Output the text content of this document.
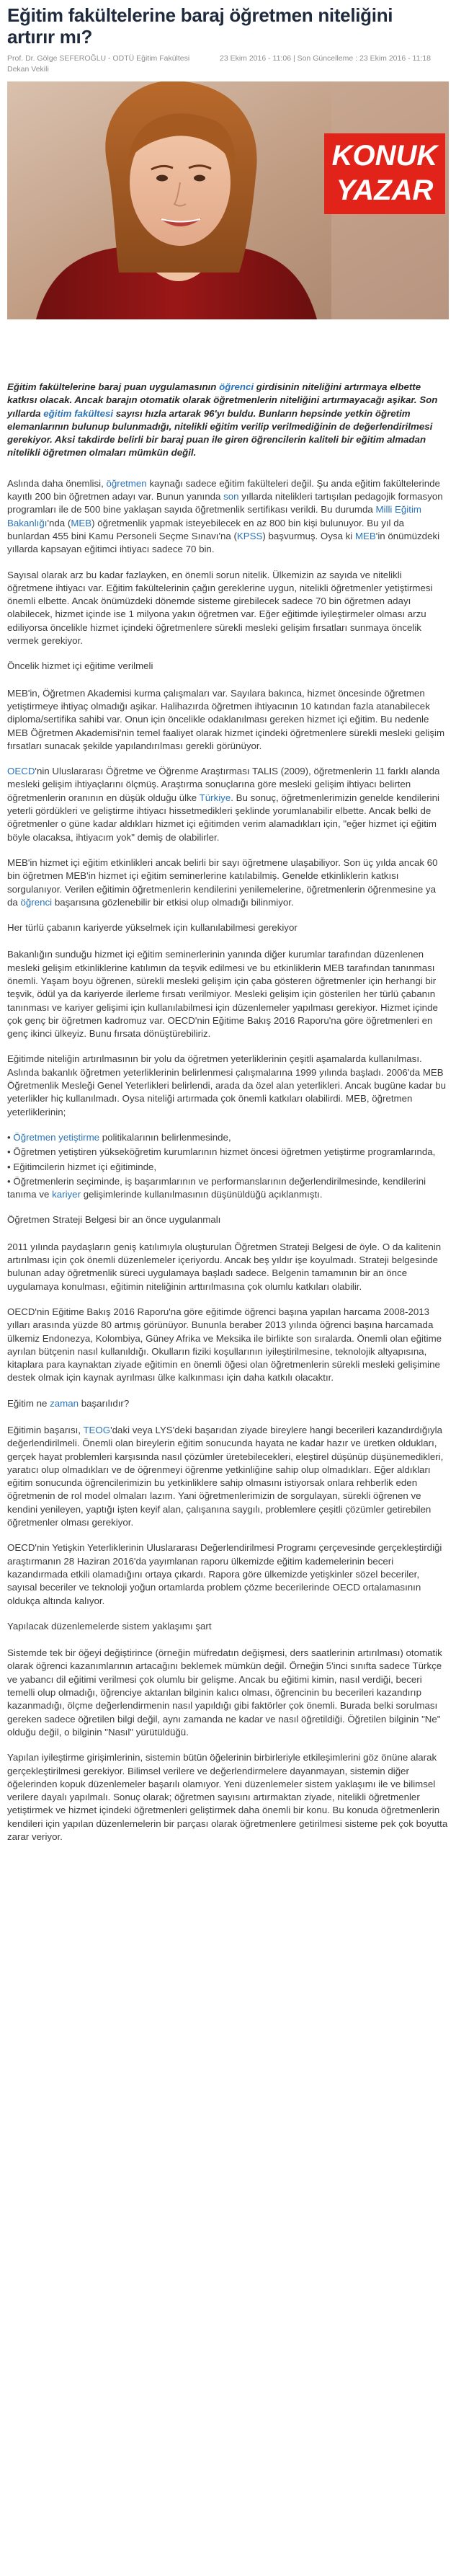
Eğitim fakültelerine baraj öğretmen niteliğini artırır mı?
Prof. Dr. Gölge SEFEROĞLU - ODTÜ Eğitim Fakültesi Dekan Vekili
23 Ekim 2016 - 11:06 | Son Güncelleme : 23 Ekim 2016 - 11:18
KONUK
YAZAR

Eğitim fakültelerine baraj puan uygulamasının öğrenci girdisinin niteliğini artırmaya elbette katkısı olacak. Ancak barajın otomatik olarak öğretmenlerin niteliğini artırmayacağı aşikar. Son yıllarda eğitim fakültesi sayısı hızla artarak 96'yı buldu. Bunların hepsinde yetkin öğretim elemanlarının bulunup bulunmadığı, nitelikli eğitim verilip verilmediğinin de değerlendirilmesi gerekiyor. Aksi takdirde belirli bir baraj puan ile giren öğrencilerin kaliteli bir eğitim almadan nitelikli öğretmen olmaları mümkün değil.

Aslında daha önemlisi, öğretmen kaynağı sadece eğitim fakülteleri değil. Şu anda eğitim fakültelerinde kayıtlı 200 bin öğretmen adayı var. Bunun yanında son yıllarda nitelikleri tartışılan pedagojik formasyon programları ile de 500 bine yaklaşan sayıda öğretmenlik sertifikası verildi. Bu durumda Milli Eğitim Bakanlığı'nda (MEB) öğretmenlik yapmak isteyebilecek en az 800 bin kişi bulunuyor. Bu yıl da bunlardan 455 bini Kamu Personeli Seçme Sınavı'na (KPSS) başvurmuş. Oysa ki MEB'in önümüzdeki yıllarda kapsayan eğitimci ihtiyacı sadece 70 bin.

Sayısal olarak arz bu kadar fazlayken, en önemli sorun nitelik. Ülkemizin az sayıda ve nitelikli öğretmene ihtiyacı var. Eğitim fakültelerinin çağın gereklerine uygun, nitelikli öğretmenler yetiştirmesi önemli elbette. Ancak önümüzdeki dönemde sisteme girebilecek sadece 70 bin öğretmen adayı olabilecek, hizmet içinde ise 1 milyona yakın öğretmen var. Eğer eğitimde iyileştirmeler olması arzu ediliyorsa öncelikle hizmet içindeki öğretmenlere sürekli mesleki gelişim fırsatları sunmaya öncelik vermek gerekiyor.

Öncelik hizmet içi eğitime verilmeli

MEB'in, Öğretmen Akademisi kurma çalışmaları var. Sayılara bakınca, hizmet öncesinde öğretmen yetiştirmeye ihtiyaç olmadığı aşikar. Halihazırda öğretmen ihtiyacının 10 katından fazla atanabilecek diploma/sertifika sahibi var. Onun için öncelikle odaklanılması gereken hizmet içi eğitim. Bu nedenle MEB Öğretmen Akademisi'nin temel faaliyet olarak hizmet içindeki öğretmenlere sürekli mesleki gelişim fırsatları sunacak şekilde yapılandırılması gerekli görünüyor.

OECD'nin Uluslararası Öğretme ve Öğrenme Araştırması TALIS (2009), öğretmenlerin 11 farklı alanda mesleki gelişim ihtiyaçlarını ölçmüş. Araştırma sonuçlarına göre mesleki gelişim ihtiyacı belirten öğretmenlerin oranının en düşük olduğu ülke Türkiye. Bu sonuç, öğretmenlerimizin genelde kendilerini yeterli gördükleri ve geliştirme ihtiyacı hissetmedikleri şeklinde yorumlanabilir elbette. Ancak belki de öğretmenler o güne kadar aldıkları hizmet içi eğitimden verim alamadıkları için, "eğer hizmet içi eğitim böyle olacaksa, ihtiyacım yok" demiş de olabilirler.

MEB'in hizmet içi eğitim etkinlikleri ancak belirli bir sayı öğretmene ulaşabiliyor. Son üç yılda ancak 60 bin öğretmen MEB'in hizmet içi eğitim seminerlerine katılabilmiş. Genelde etkinliklerin katkısı sorgulanıyor. Verilen eğitimin öğretmenlerin kendilerini yenilemelerine, öğretmenlerin öğrenmesine ya da öğrenci başarısına gözlenebilir bir etkisi olup olmadığı bilinmiyor.

Her türlü çabanın kariyerde yükselmek için kullanılabilmesi gerekiyor

Bakanlığın sunduğu hizmet içi eğitim seminerlerinin yanında diğer kurumlar tarafından düzenlenen mesleki gelişim etkinliklerine katılımın da teşvik edilmesi ve bu etkinliklerin MEB tarafından tanınması önemli. Yaşam boyu öğrenen, sürekli mesleki gelişim için çaba gösteren öğretmenler için herhangi bir teşvik, ödül ya da kariyerde ilerleme fırsatı verilmiyor. Mesleki gelişim için gösterilen her türlü çabanın tanınması ve kariyer gelişimi için kullanılabilmesi için düzenlemeler yapılması gerekiyor. Hizmet içinde çok genç bir öğretmen kadromuz var. OECD'nin Eğitime Bakış 2016 Raporu'na göre öğretmenleri en genç ikinci ülkeyiz. Bunu fırsata dönüştürebiliriz.

Eğitimde niteliğin artırılmasının bir yolu da öğretmen yeterliklerinin çeşitli aşamalarda kullanılması. Aslında bakanlık öğretmen yeterliklerinin belirlenmesi çalışmalarına 1999 yılında başladı. 2006'da MEB Öğretmenlik Mesleği Genel Yeterlikleri belirlendi, arada da özel alan yeterlikleri. Ancak bugüne kadar bu yeterlikler hiç kullanılmadı. Oysa niteliği artırmada çok önemli katkıları olabilirdi. MEB, öğretmen yeterliklerinin;

• Öğretmen yetiştirme politikalarının belirlenmesinde,
• Öğretmen yetiştiren yükseköğretim kurumlarının hizmet öncesi öğretmen yetiştirme programlarında,
• Eğitimcilerin hizmet içi eğitiminde,
• Öğretmenlerin seçiminde, iş başarımlarının ve performanslarının değerlendirilmesinde, kendilerini tanıma ve kariyer gelişimlerinde kullanılmasının düşünüldüğü açıklanmıştı.

Öğretmen Strateji Belgesi bir an önce uygulanmalı

2011 yılında paydaşların geniş katılımıyla oluşturulan Öğretmen Strateji Belgesi de öyle. O da kalitenin artırılması için çok önemli düzenlemeler içeriyordu. Ancak beş yıldır işe koyulmadı. Strateji belgesinde bulunan aday öğretmenlik süreci uygulamaya başladı sadece. Belgenin tamamının bir an önce uygulamaya konulması, eğitimin niteliğinin arttırılmasına çok olumlu katkıları olabilir.

OECD'nin Eğitime Bakış 2016 Raporu'na göre eğitimde öğrenci başına yapılan harcama 2008-2013 yılları arasında yüzde 80 artmış görünüyor. Bununla beraber 2013 yılında öğrenci başına harcamada ülkemiz Endonezya, Kolombiya, Güney Afrika ve Meksika ile birlikte son sıralarda. Önemli olan eğitime ayrılan bütçenin nasıl kullanıldığı. Okulların fiziki koşullarının iyileştirilmesine, teknolojik altyapısına, kitaplara para kaynaktan ziyade eğitimin en önemli öğesi olan öğretmenlerin sürekli mesleki gelişimine destek olmak için kaynak ayrılması ülke kalkınması için daha katkılı olacaktır.

Eğitim ne zaman başarılıdır?

Eğitimin başarısı, TEOG'daki veya LYS'deki başarıdan ziyade bireylere hangi becerileri kazandırdığıyla değerlendirilmeli. Önemli olan bireylerin eğitim sonucunda hayata ne kadar hazır ve üretken oldukları, gerçek hayat problemleri karşısında nasıl çözümler üretebilecekleri, eleştirel düşünüp düşünemedikleri, yaratıcı olup olmadıkları ve de öğrenmeyi öğrenme yetkinliğine sahip olup olmadıkları. Eğer aldıkları eğitim sonucunda öğrencilerimizin bu yetkinliklere sahip olmasını istiyorsak onlara rehberlik eden öğretmenin de rol model olmaları lazım. Yani öğretmenlerimizin de sorgulayan, sürekli öğrenen ve kendini yenileyen, yaptığı işten keyif alan, çalışanına saygılı, problemlere çeşitli çözümler getirebilen öğretmenler olması gerekiyor.

OECD'nin Yetişkin Yeterliklerinin Uluslararası Değerlendirilmesi Programı çerçevesinde gerçekleştirdiği araştırmanın 28 Haziran 2016'da yayımlanan raporu ülkemizde eğitim kademelerinin beceri kazandırmada etkili olamadığını ortaya çıkardı. Rapora göre ülkemizde yetişkinler sözel beceriler, sayısal beceriler ve teknoloji yoğun ortamlarda problem çözme becerilerinde OECD ortalamasının oldukça altında kalıyor.

Yapılacak düzenlemelerde sistem yaklaşımı şart

Sistemde tek bir öğeyi değiştirince (örneğin müfredatın değişmesi, ders saatlerinin artırılması) otomatik olarak öğrenci kazanımlarının artacağını beklemek mümkün değil. Örneğin 5'inci sınıfta sadece Türkçe ve yabancı dil eğitimi verilmesi çok olumlu bir gelişme. Ancak bu eğitimi kimin, nasıl verdiği, beceri temelli olup olmadığı, öğrenciye aktarılan bilginin kalıcı olması, öğrencinin bu becerileri kazandırıp kazanmadığı, ölçme değerlendirmenin nasıl yapıldığı gibi faktörler çok önemli. Burada belki sorulması gereken sadece öğretilen bilgi değil, aynı zamanda ne kadar ve nasıl öğretildiği. Öğretilen bilginin "Ne" olduğu değil, o bilginin "Nasıl" yürütüldüğü.

Yapılan iyileştirme girişimlerinin, sistemin bütün öğelerinin birbirleriyle etkileşimlerini göz önüne alarak gerçekleştirilmesi gerekiyor. Bilimsel verilere ve değerlendirmelere dayanmayan, sistemin diğer öğelerinden kopuk düzenlemeler başarılı olamıyor. Yeni düzenlemeler sistem yaklaşımı ile ve bilimsel verilere dayalı yapılmalı. Sonuç olarak; öğretmen sayısını artırmaktan ziyade, nitelikli öğretmenler yetiştirmek ve hizmet içindeki öğretmenleri geliştirmek daha önemli bir konu. Bu konuda öğretmenlerin kendileri için yapılan düzenlemelerin bir parçası olarak öğretmenlere getirilmesi sisteme pek çok boyutta zarar veriyor.
